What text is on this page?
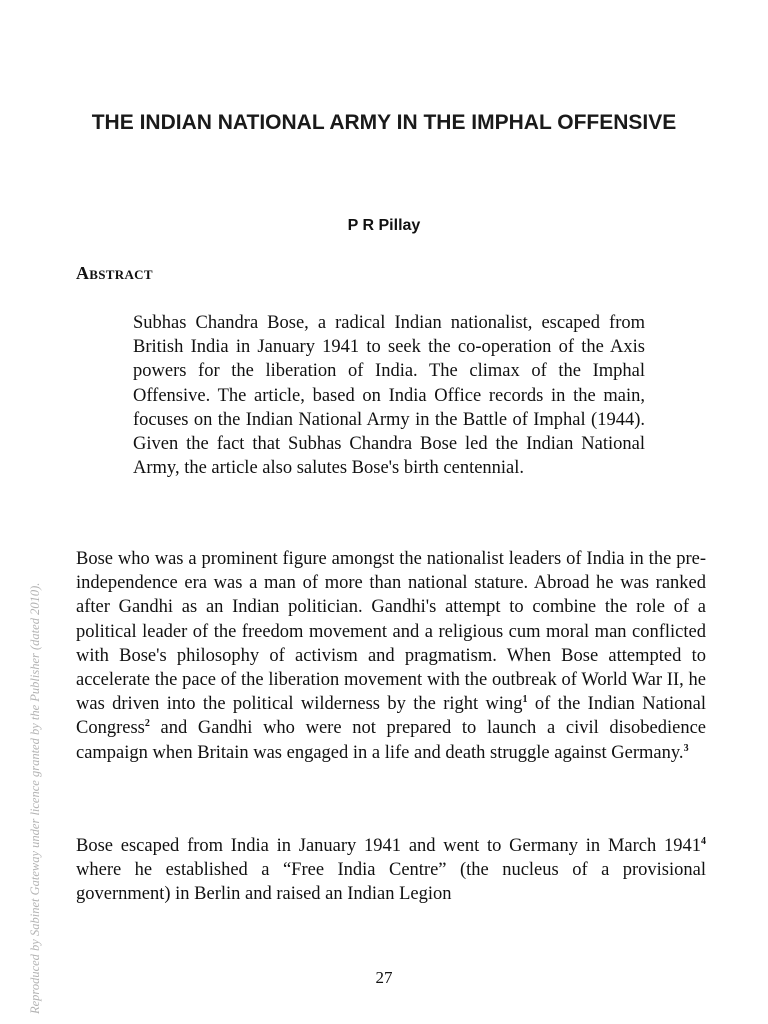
THE INDIAN NATIONAL ARMY IN THE IMPHAL OFFENSIVE
P R Pillay
Abstract

Subhas Chandra Bose, a radical Indian nationalist, escaped from British India in January 1941 to seek the co-operation of the Axis powers for the liberation of India. The climax of the Imphal Offensive. The article, based on India Office records in the main, focuses on the Indian National Army in the Battle of Imphal (1944). Given the fact that Subhas Chandra Bose led the Indian National Army, the article also salutes Bose's birth centennial.

Bose who was a prominent figure amongst the nationalist leaders of India in the pre-independence era was a man of more than national stature. Abroad he was ranked after Gandhi as an Indian politician. Gandhi's attempt to combine the role of a political leader of the freedom movement and a religious cum moral man conflicted with Bose's philosophy of activism and pragmatism. When Bose attempted to accelerate the pace of the liberation movement with the outbreak of World War II, he was driven into the political wilderness by the right wing$^1$ of the Indian National Congress$^2$ and Gandhi who were not prepared to launch a civil disobedience campaign when Britain was engaged in a life and death struggle against Germany.$^3$

Bose escaped from India in January 1941 and went to Germany in March 1941$^4$ where he established a “Free India Centre” (the nucleus of a provisional government) in Berlin and raised an Indian Legion

27
Reproduced by Sabinet Gateway under licence granted by the Publisher (dated 2010).
